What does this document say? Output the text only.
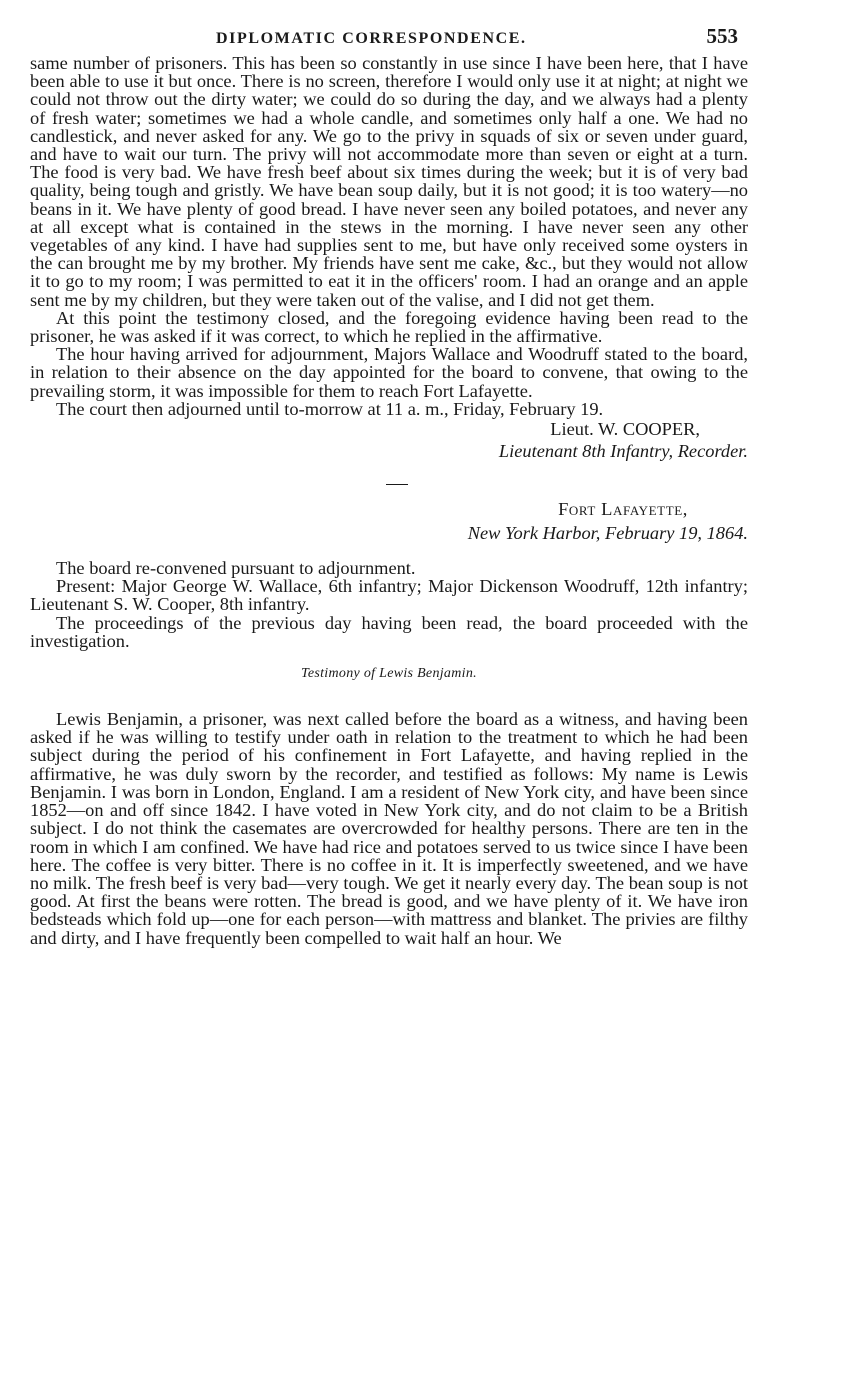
DIPLOMATIC CORRESPONDENCE.	553

same number of prisoners. This has been so constantly in use since I have been here, that I have been able to use it but once. There is no screen, therefore I would only use it at night; at night we could not throw out the dirty water; we could do so during the day, and we always had a plenty of fresh water; sometimes we had a whole candle, and sometimes only half a one. We had no candlestick, and never asked for any. We go to the privy in squads of six or seven under guard, and have to wait our turn. The privy will not accommodate more than seven or eight at a turn. The food is very bad. We have fresh beef about six times during the week; but it is of very bad quality, being tough and gristly. We have bean soup daily, but it is not good; it is too watery—no beans in it. We have plenty of good bread. I have never seen any boiled potatoes, and never any at all except what is contained in the stews in the morning. I have never seen any other vegetables of any kind. I have had supplies sent to me, but have only received some oysters in the can brought me by my brother. My friends have sent me cake, &c., but they would not allow it to go to my room; I was permitted to eat it in the officers' room. I had an orange and an apple sent me by my children, but they were taken out of the valise, and I did not get them.

At this point the testimony closed, and the foregoing evidence having been read to the prisoner, he was asked if it was correct, to which he replied in the affirmative.

The hour having arrived for adjournment, Majors Wallace and Woodruff stated to the board, in relation to their absence on the day appointed for the board to convene, that owing to the prevailing storm, it was impossible for them to reach Fort Lafayette.

The court then adjourned until to-morrow at 11 a. m., Friday, February 19.

Lieut. W. COOPER,
Lieutenant 8th Infantry, Recorder.
Fort Lafayette,
New York Harbor, February 19, 1864.

The board re-convened pursuant to adjournment.

Present: Major George W. Wallace, 6th infantry; Major Dickenson Woodruff, 12th infantry; Lieutenant S. W. Cooper, 8th infantry.

The proceedings of the previous day having been read, the board proceeded with the investigation.

Testimony of Lewis Benjamin.

Lewis Benjamin, a prisoner, was next called before the board as a witness, and having been asked if he was willing to testify under oath in relation to the treatment to which he had been subject during the period of his confinement in Fort Lafayette, and having replied in the affirmative, he was duly sworn by the recorder, and testified as follows: My name is Lewis Benjamin. I was born in London, England. I am a resident of New York city, and have been since 1852—on and off since 1842. I have voted in New York city, and do not claim to be a British subject. I do not think the casemates are overcrowded for healthy persons. There are ten in the room in which I am confined. We have had rice and potatoes served to us twice since I have been here. The coffee is very bitter. There is no coffee in it. It is imperfectly sweetened, and we have no milk. The fresh beef is very bad—very tough. We get it nearly every day. The bean soup is not good. At first the beans were rotten. The bread is good, and we have plenty of it. We have iron bedsteads which fold up—one for each person—with mattress and blanket. The privies are filthy and dirty, and I have frequently been compelled to wait half an hour. We
